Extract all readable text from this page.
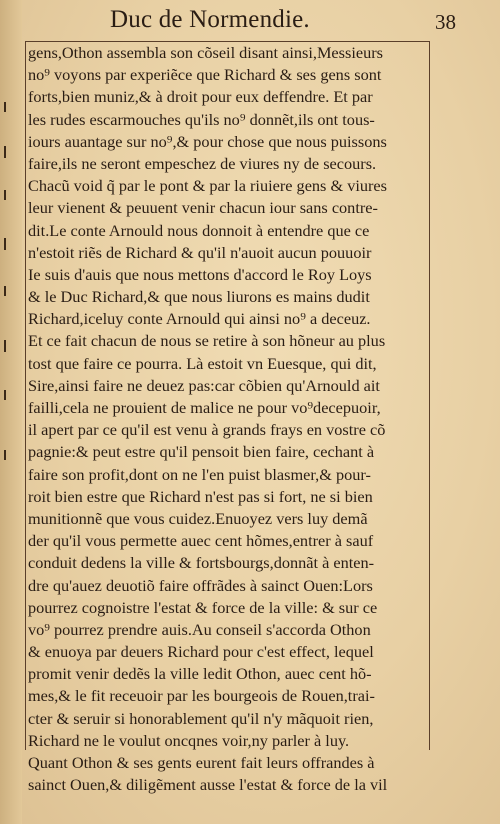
Duc de Normendie.	38
gens,Othon assembla son cõseil disant ainsi,Messieurs
no⁹ voyons par experiẽce que Richard & ses gens sont
forts,bien muniz,& à droit pour eux deffendre. Et par
les rudes escarmouches qu'ils no⁹ donnẽt,ils ont tous-
iours auantage sur no⁹,& pour chose que nous puissons
faire,ils ne seront empeschez de viures ny de secours.
Chacũ void q̃ par le pont & par la riuiere gens & viures
leur vienent & peuuent venir chacun iour sans contre-
dit.Le conte Arnould nous donnoit à entendre que ce
n'estoit riẽs de Richard & qu'il n'auoit aucun pouuoir
Ie suis d'auis que nous mettons d'accord le Roy Loys
& le Duc Richard,& que nous liurons es mains dudit
Richard,iceluy conte Arnould qui ainsi no⁹ a deceuz.
Et ce fait chacun de nous se retire à son hõneur au plus
tost que faire ce pourra. Là estoit vn Euesque, qui dit,
Sire,ainsi faire ne deuez pas:car cõbien qu'Arnould ait
failli,cela ne prouient de malice ne pour vo⁹decepuoir,
il apert par ce qu'il est venu à grands frays en vostre cõ
pagnie:& peut estre qu'il pensoit bien faire, cechant à
faire son profit,dont on ne l'en puist blasmer,& pour-
roit bien estre que Richard n'est pas si fort, ne si bien
munitionnẽ que vous cuidez.Enuoyez vers luy demã
der qu'il vous permette auec cent hõmes,entrer à sauf
conduit dedens la ville & fortsbourgs,donnãt à enten-
dre qu'auez deuotiõ faire offrãdes à sainct Ouen:Lors
pourrez cognoistre l'estat & force de la ville: & sur ce
vo⁹ pourrez prendre auis.Au conseil s'accorda Othon
& enuoya par deuers Richard pour c'est effect, lequel
promit venir dedẽs la ville ledit Othon, auec cent hõ-
mes,& le fit receuoir par les bourgeois de Rouen,trai-
cter & seruir si honorablement qu'il n'y mãquoit rien,
Richard ne le voulut oncqnes voir,ny parler à luy.
Quant Othon & ses gents eurent fait leurs offrandes à
sainct Ouen,& diligẽment ausse l'estat & force de la vil
